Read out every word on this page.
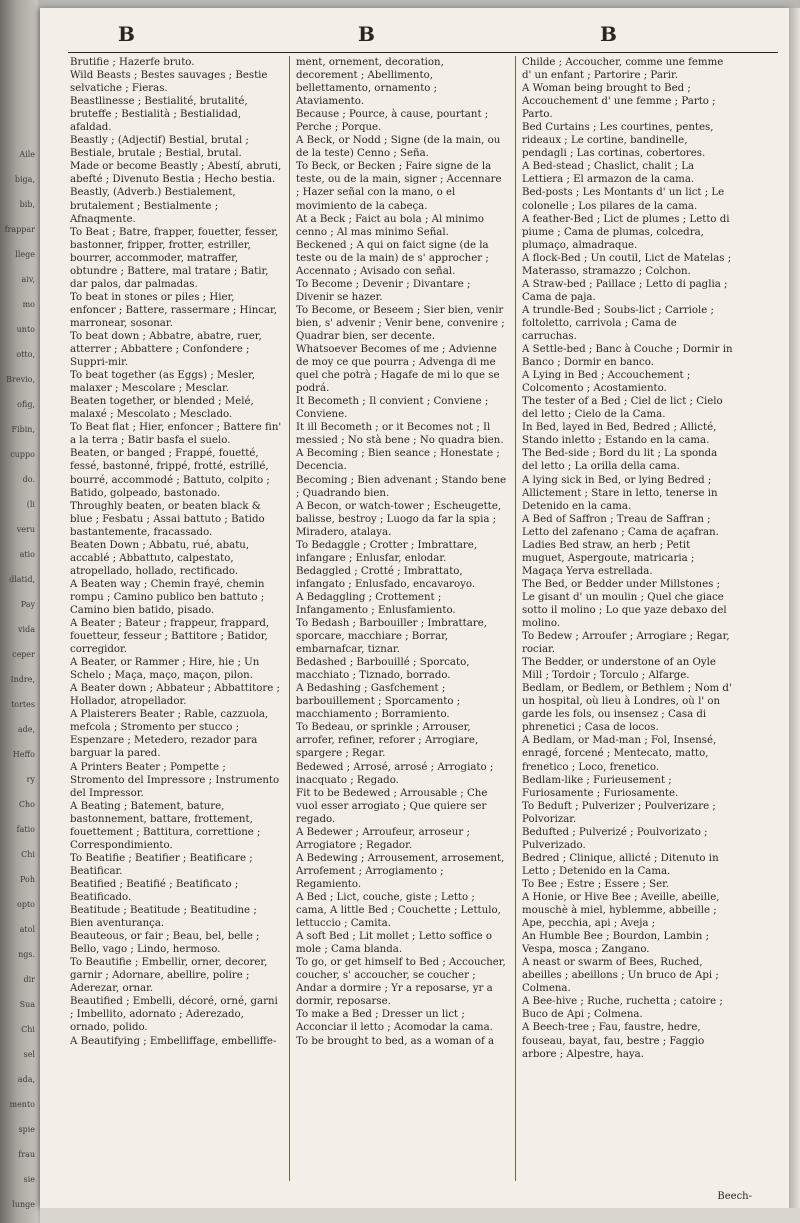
Aile
biga,
bib,
frappar
llege
aiv,
mo
unto
otto,
Brevio,
ofig,
Fibin,
cuppo
do.
(li
veru
atio
dlatid,
Pay
vida
ceper
Indre,
tortes
ade,
Heffo
ry
Cho
fatio
Chi
Poh
opto
atol
ngs.
dir
Sua
Chi
sel
ada,
mento
spie
frau
sie
lunge
B	B	B

Brutifie ; Hazerfe bruto.

Wild Beasts ; Bestes sauvages ; Bestie selvatiche ; Fieras.

Beastlinesse ; Bestialité, brutalité, bruteffe ; Bestialità ; Bestialidad, afaldad.

Beastly ; (Adjectif) Bestial, brutal ; Bestiale, brutale ; Bestial, brutal.

Made or become Beastly ; Abestí, abruti, abefté ; Divenuto Bestia ; Hecho bestia.

Beastly, (Adverb.) Bestialement, brutalement ; Bestialmente ; Afnaqmente.

To Beat ; Batre, frapper, fouetter, fesser, bastonner, fripper, frotter, estriller, bourrer, accommoder, matraffer, obtundre ; Battere, mal tratare ; Batir, dar palos, dar palmadas.

To beat in stones or piles ; Hier, enfoncer ; Battere, rassermare ; Hincar, marronear, sosonar.

To beat down ; Abbatre, abatre, ruer, atterrer ; Abbattere ; Confondere ; Suppri-mir.

To beat together (as Eggs) ; Mesler, malaxer ; Mescolare ; Mesclar.

Beaten together, or blended ; Melé, malaxé ; Mescolato ; Mesclado.

To Beat flat ; Hier, enfoncer ; Battere fin' a la terra ; Batir basfa el suelo.

Beaten, or banged ; Frappé, fouetté, fessé, bastonné, frippé, frotté, estrillé, bourré, accommodé ; Battuto, colpito ; Batido, golpeado, bastonado.

Throughly beaten, or beaten black & blue ; Fesbatu ; Assai battuto ; Batido bastantemente, fracassado.

Beaten Down ; Abbatu, rué, abatu, accablé ; Abbattuto, calpestato, atropellado, hollado, rectificado.

A Beaten way ; Chemin frayé, chemin rompu ; Camino publico ben battuto ; Camino bien batido, pisado.

A Beater ; Bateur ; frappeur, frappard, fouetteur, fesseur ; Battitore ; Batidor, corregidor.

A Beater, or Rammer ; Hire, hie ; Un Schelo ; Maça, maço, maçon, pilon.

A Beater down ; Abbateur ; Abbattitore ; Hollador, atropellador.

A Plaisterers Beater ; Rable, cazzuola, mefcola ; Stromento per stucco ; Espenzare ; Metedero, rezador para barguar la pared.

A Printers Beater ; Pompette ; Stromento del Impressore ; Instrumento del Impressor.

A Beating ; Batement, bature, bastonnement, battare, frottement, fouettement ; Battitura, correttione ; Correspondimiento.

To Beatifie ; Beatifier ; Beatificare ; Beatificar.

Beatified ; Beatifié ; Beatificato ; Beatificado.

Beatitude ; Beatitude ; Beatitudine ; Bien aventurança.

Beauteous, or fair ; Beau, bel, belle ; Bello, vago ; Lindo, hermoso.

To Beautifie ; Embellir, orner, decorer, garnir ; Adornare, abellire, polire ; Aderezar, ornar.

Beautified ; Embelli, décoré, orné, garni ; Imbellito, adornato ; Aderezado, ornado, polido.

A Beautifying ; Embelliffage, embelliffe-

ment, ornement, decoration, decorement ; Abellimento, bellettamento, ornamento ; Ataviamento.

Because ; Pource, à cause, pourtant ; Perche ; Porque.

A Beck, or Nodd ; Signe (de la main, ou de la teste) Cenno ; Seña.

To Beck, or Becken ; Faire signe de la teste, ou de la main, signer ; Accennare ; Hazer señal con la mano, o el movimiento de la cabeça.

At a Beck ; Faict au bola ; Al minimo cenno ; Al mas minimo Señal.

Beckened ; A qui on faict signe (de la teste ou de la main) de s' approcher ; Accennato ; Avisado con señal.

To Become ; Devenir ; Divantare ; Divenir se hazer.

To Become, or Beseem ; Sier bien, venir bien, s' advenir ; Venir bene, convenire ; Quadrar bien, ser decente.

Whatsoever Becomes of me ; Advienne de moy ce que pourra ; Advenga di me quel che potrà ; Hagafe de mi lo que se podrá.

It Becometh ; Il convient ; Conviene ; Conviene.

It ill Becometh ; or it Becomes not ; Il messied ; No stà bene ; No quadra bien.

A Becoming ; Bien seance ; Honestate ; Decencia.

Becoming ; Bien advenant ; Stando bene ; Quadrando bien.

A Becon, or watch-tower ; Escheugette, balisse, bestroy ; Luogo da far la spia ; Miradero, atalaya.

To Bedaggle ; Crotter ; Imbrattare, infangare ; Enlusfar, enlodar.

Bedaggled ; Crotté ; Imbrattato, infangato ; Enlusfado, encavaroyo.

A Bedaggling ; Crottement ; Infangamento ; Enlusfamiento.

To Bedash ; Barbouiller ; Imbrattare, sporcare, macchiare ; Borrar, embarnafcar, tiznar.

Bedashed ; Barbouillé ; Sporcato, macchiato ; Tiznado, borrado.

A Bedashing ; Gasfchement ; barbouillement ; Sporcamento ; macchiamento ; Borramiento.

To Bedeau, or sprinkle ; Arrouser, arrofer, refiner, reforer ; Arrogiare, spargere ; Regar.

Bedewed ; Arrosé, arrosé ; Arrogiato ; inacquato ; Regado.

Fit to be Bedewed ; Arrousable ; Che vuol esser arrogiato ; Que quiere ser regado.

A Bedewer ; Arroufeur, arroseur ; Arrogiatore ; Regador.

A Bedewing ; Arrousement, arrosement, Arrofement ; Arrogiamento ; Regamiento.

A Bed ; Lict, couche, giste ; Letto ; cama, A little Bed ; Couchette ; Lettulo, lettuccio ; Camita.

A soft Bed ; Lit mollet ; Letto soffice o mole ; Cama blanda.

To go, or get himself to Bed ; Accoucher, coucher, s' accoucher, se coucher ; Andar a dormire ; Yr a reposarse, yr a dormir, reposarse.

To make a Bed ; Dresser un lict ; Acconciar il letto ; Acomodar la cama.

To be brought to bed, as a woman of a

Childe ; Accoucher, comme une femme d' un enfant ; Partorire ; Parir.

A Woman being brought to Bed ; Accouchement d' une femme ; Parto ; Parto.

Bed Curtains ; Les courtines, pentes, rideaux ; Le cortine, bandinelle, pendagli ; Las cortinas, cobertores.

A Bed-stead ; Chaslict, chalit ; La Lettiera ; El armazon de la cama.

Bed-posts ; Les Montants d' un lict ; Le colonelle ; Los pilares de la cama.

A feather-Bed ; Lict de plumes ; Letto di piume ; Cama de plumas, colcedra, plumaço, almadraque.

A flock-Bed ; Un coutil, Lict de Matelas ; Materasso, stramazzo ; Colchon.

A Straw-bed ; Paillace ; Letto di paglia ; Cama de paja.

A trundle-Bed ; Soubs-lict ; Carriole ; foltoletto, carrivola ; Cama de carruchas.

A Settle-bed ; Banc à Couche ; Dormir in Banco ; Dormir en banco.

A Lying in Bed ; Accouchement ; Colcomento ; Acostamiento.

The tester of a Bed ; Ciel de lict ; Cielo del letto ; Cielo de la Cama.

In Bed, layed in Bed, Bedred ; Allicté, Stando inletto ; Estando en la cama.

The Bed-side ; Bord du lit ; La sponda del letto ; La orilla della cama.

A lying sick in Bed, or lying Bedred ; Allictement ; Stare in letto, tenerse in Detenido en la cama.

A Bed of Saffron ; Treau de Saffran ; Letto del zafenano ; Cama de açafran.

Ladies Bed straw, an herb ; Petit muguet, Aspergoute, matricaria ; Magaça Yerva estrellada.

The Bed, or Bedder under Millstones ; Le gisant d' un moulin ; Quel che giace sotto il molino ; Lo que yaze debaxo del molino.

To Bedew ; Arroufer ; Arrogiare ; Regar, rociar.

The Bedder, or understone of an Oyle Mill ; Tordoir ; Torculo ; Alfarge.

Bedlam, or Bedlem, or Bethlem ; Nom d' un hospital, où lieu à Londres, où l' on garde les fols, ou insensez ; Casa di phrenetici ; Casa de locos.

A Bedlam, or Mad-man ; Fol, Insensé, enragé, forcené ; Mentecato, matto, frenetico ; Loco, frenetico.

Bedlam-like ; Furieusement ; Furiosamente ; Furiosamente.

To Beduft ; Pulverizer ; Poulverizare ; Polvorizar.

Bedufted ; Pulverizé ; Poulvorizato ; Pulverizado.

Bedred ; Clinique, allicté ; Ditenuto in Letto ; Detenido en la Cama.

To Bee ; Estre ; Essere ; Ser.

A Honie, or Hive Bee ; Aveille, abeille, mouschè à miel, hyblemme, abbeille ; Ape, pecchia, api ; Aveja ;

An Humble Bee ; Bourdon, Lambin ; Vespa, mosca ; Zangano.

A neast or swarm of Bees, Ruched, abeilles ; abeillons ; Un bruco de Api ; Colmena.

A Bee-hive ; Ruche, ruchetta ; catoire ; Buco de Api ; Colmena.

A Beech-tree ; Fau, faustre, hedre, fouseau, bayat, fau, bestre ; Faggio arbore ; Alpestre, haya.

Beech-
